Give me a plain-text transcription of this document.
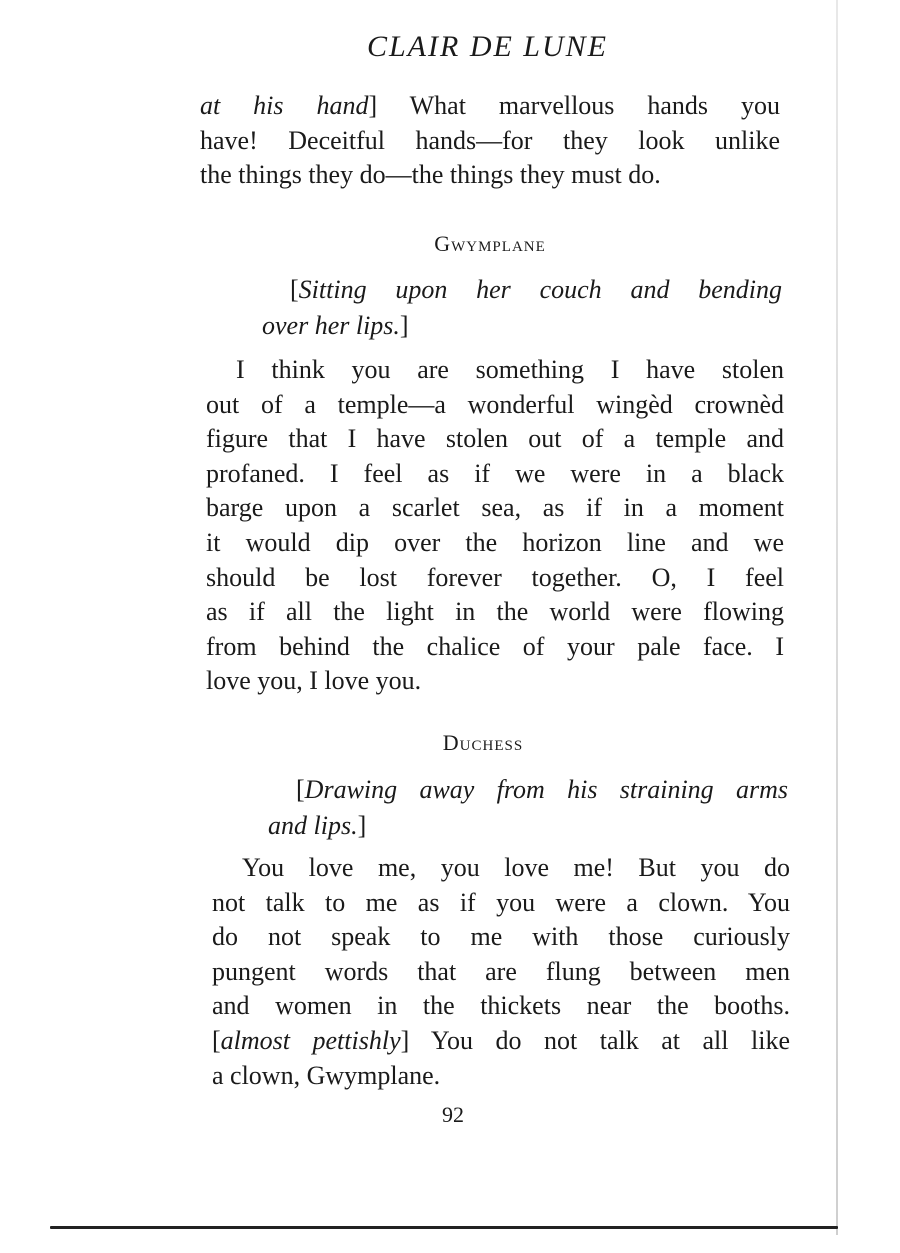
CLAIR DE LUNE
at his hand] What marvellous hands you
have! Deceitful hands—for they look unlike
the things they do—the things they must do.
Gwymplane
[Sitting upon her couch and bending
over her lips.]
I think you are something I have stolen
out of a temple—a wonderful wingèd crownèd
figure that I have stolen out of a temple and
profaned. I feel as if we were in a black
barge upon a scarlet sea, as if in a moment
it would dip over the horizon line and we
should be lost forever together. O, I feel
as if all the light in the world were flowing
from behind the chalice of your pale face. I
love you, I love you.
Duchess
[Drawing away from his straining arms
and lips.]
You love me, you love me! But you do
not talk to me as if you were a clown. You
do not speak to me with those curiously
pungent words that are flung between men
and women in the thickets near the booths.
[almost pettishly] You do not talk at all like
a clown, Gwymplane.
92
